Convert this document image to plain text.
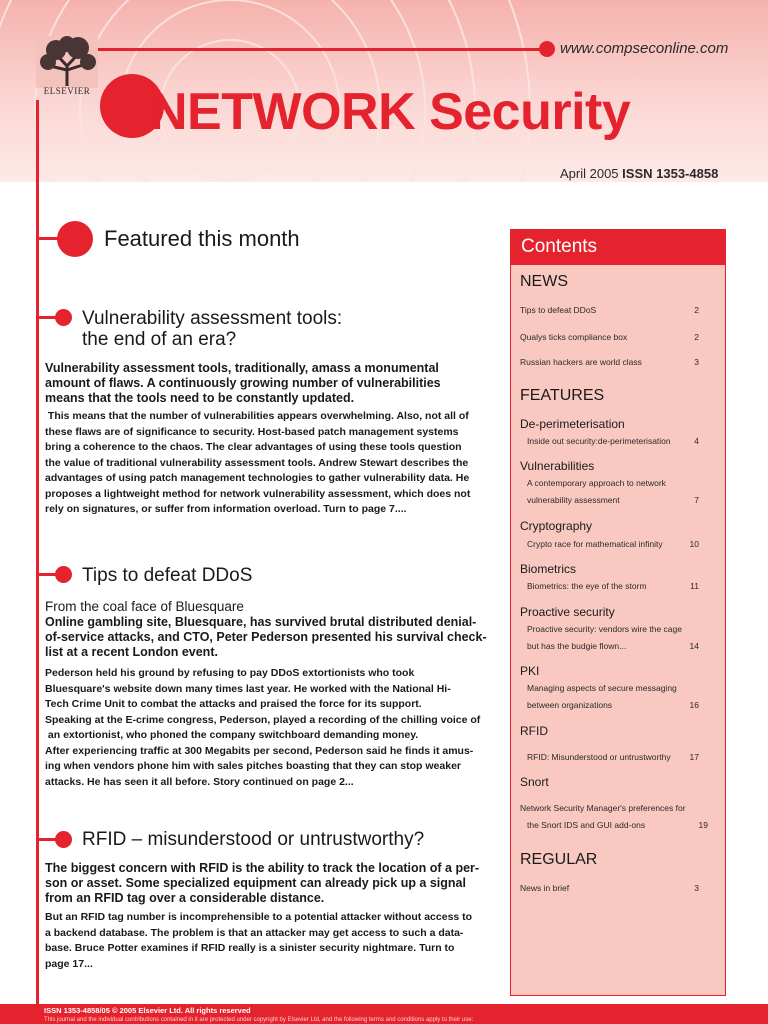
ELSEVIER
www.compseconline.com
NETWORK Security
April 2005 ISSN 1353-4858
Featured this month
Vulnerability assessment tools:
the end of an era?
Vulnerability assessment tools, traditionally, amass a monumental
amount of flaws. A continuously growing number of vulnerabilities
means that the tools need to be constantly updated.
This means that the number of vulnerabilities appears overwhelming. Also, not all of
these flaws are of significance to security. Host-based patch management systems
bring a coherence to the chaos. The clear advantages of using these tools question
the value of traditional vulnerability assessment tools. Andrew Stewart describes the
advantages of using patch management technologies to gather vulnerability data. He
proposes a lightweight method for network vulnerability assessment, which does not
rely on signatures, or suffer from information overload. Turn to page 7....
Tips to defeat DDoS
From the coal face of Bluesquare
Online gambling site, Bluesquare, has survived brutal distributed denial-
of-service attacks, and CTO, Peter Pederson presented his survival check-
list at a recent London event.
Pederson held his ground by refusing to pay DDoS extortionists who took
Bluesquare's website down many times last year. He worked with the National Hi-
Tech Crime Unit to combat the attacks and praised the force for its support.
Speaking at the E-crime congress, Pederson, played a recording of the chilling voice of
an extortionist, who phoned the company switchboard demanding money.
After experiencing traffic at 300 Megabits per second, Pederson said he finds it amus-
ing when vendors phone him with sales pitches boasting that they can stop weaker
attacks. He has seen it all before. Story continued on page 2...
RFID – misunderstood or untrustworthy?
The biggest concern with RFID is the ability to track the location of a per-
son or asset. Some specialized equipment can already pick up a signal
from an RFID tag over a considerable distance.
But an RFID tag number is incomprehensible to a potential attacker without access to
a backend database. The problem is that an attacker may get access to such a data-
base. Bruce Potter examines if RFID really is a sinister security nightmare. Turn to
page 17...
Contents
NEWS
Tips to defeat DDoS	2
Qualys ticks compliance box	2
Russian hackers are world class	3
FEATURES
De-perimeterisation
Inside out security:de-perimeterisation	4
Vulnerabilities
A contemporary approach to network
vulnerability assessment	7
Cryptography
Crypto race for mathematical infinity	10
Biometrics
Biometrics: the eye of the storm	11
Proactive security
Proactive security: vendors wire the cage
but has the budgie flown...	14
PKI
Managing aspects of secure messaging
between organizations	16
RFID
RFID: Misunderstood or untrustworthy 17
Snort
Network Security Manager's preferences for
the Snort IDS and GUI add-ons	19
REGULAR
News in brief	3
ISSN 1353-4858/05 © 2005 Elsevier Ltd. All rights reserved
This journal and the individual contributions contained in it are protected under copyright by Elsevier Ltd, and the following terms and conditions apply to their use:
